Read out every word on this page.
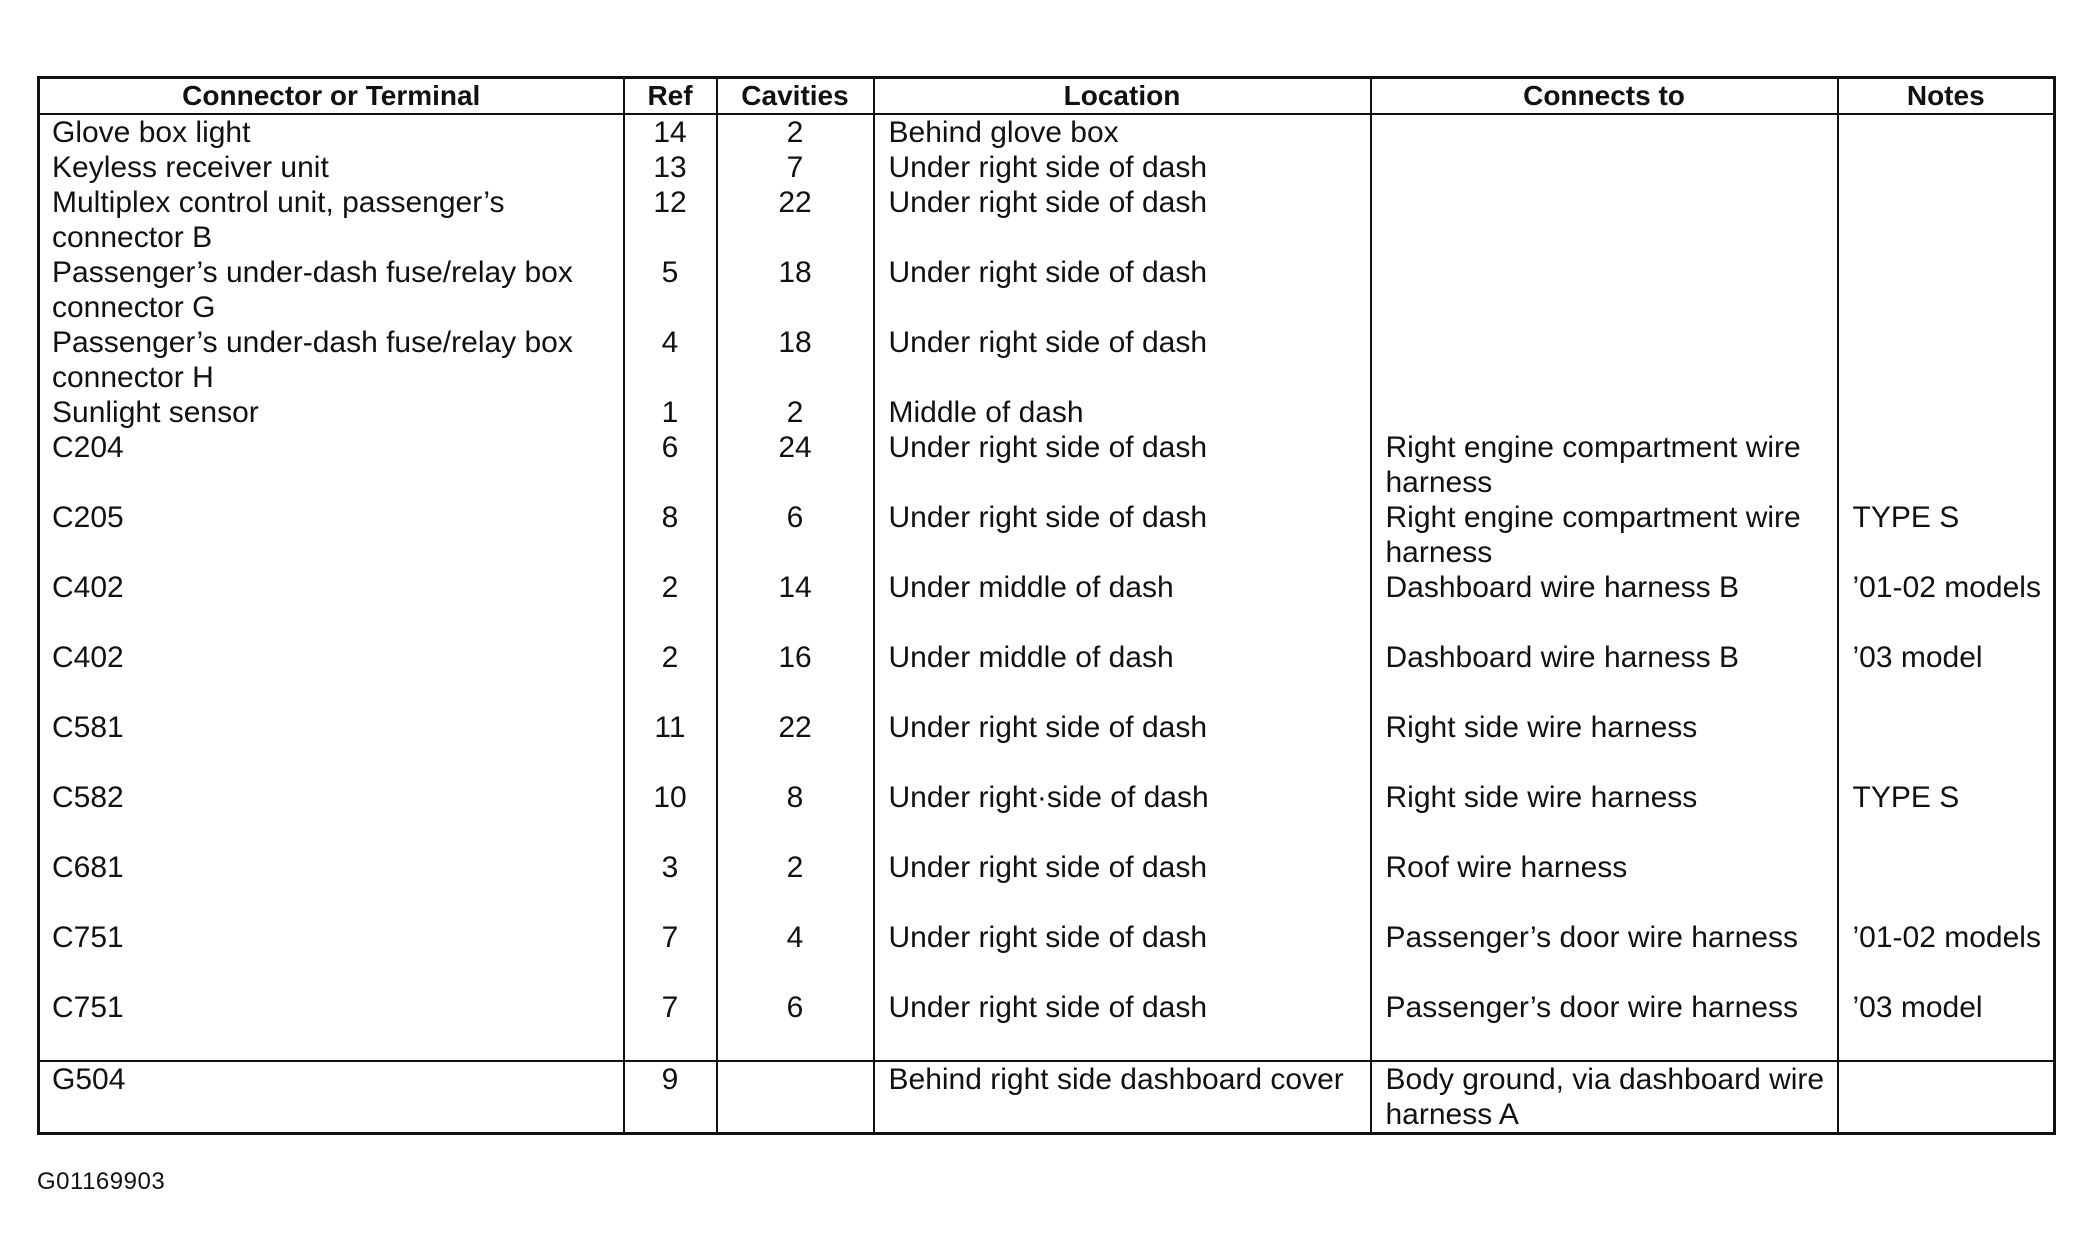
Connector or Terminal	Ref	Cavities	Location	Connects to	Notes
Glove box light	14	2	Behind glove box		
Keyless receiver unit	13	7	Under right side of dash		
Multiplex control unit, passenger’s connector B	12	22	Under right side of dash		
Passenger’s under-dash fuse/relay box connector G	5	18	Under right side of dash		
Passenger’s under-dash fuse/relay box connector H	4	18	Under right side of dash		
Sunlight sensor	1	2	Middle of dash		
C204	6	24	Under right side of dash	Right engine compartment wire harness	
C205	8	6	Under right side of dash	Right engine compartment wire harness	TYPE S
C402	2	14	Under middle of dash	Dashboard wire harness B	’01-02 models
C402	2	16	Under middle of dash	Dashboard wire harness B	’03 model
C581	11	22	Under right side of dash	Right side wire harness	
C582	10	8	Under right·side of dash	Right side wire harness	TYPE S
C681	3	2	Under right side of dash	Roof wire harness	
C751	7	4	Under right side of dash	Passenger’s door wire harness	’01-02 models
C751	7	6	Under right side of dash	Passenger’s door wire harness	’03 model
G504	9		Behind right side dashboard cover	Body ground, via dashboard wire harness A	
G01169903
